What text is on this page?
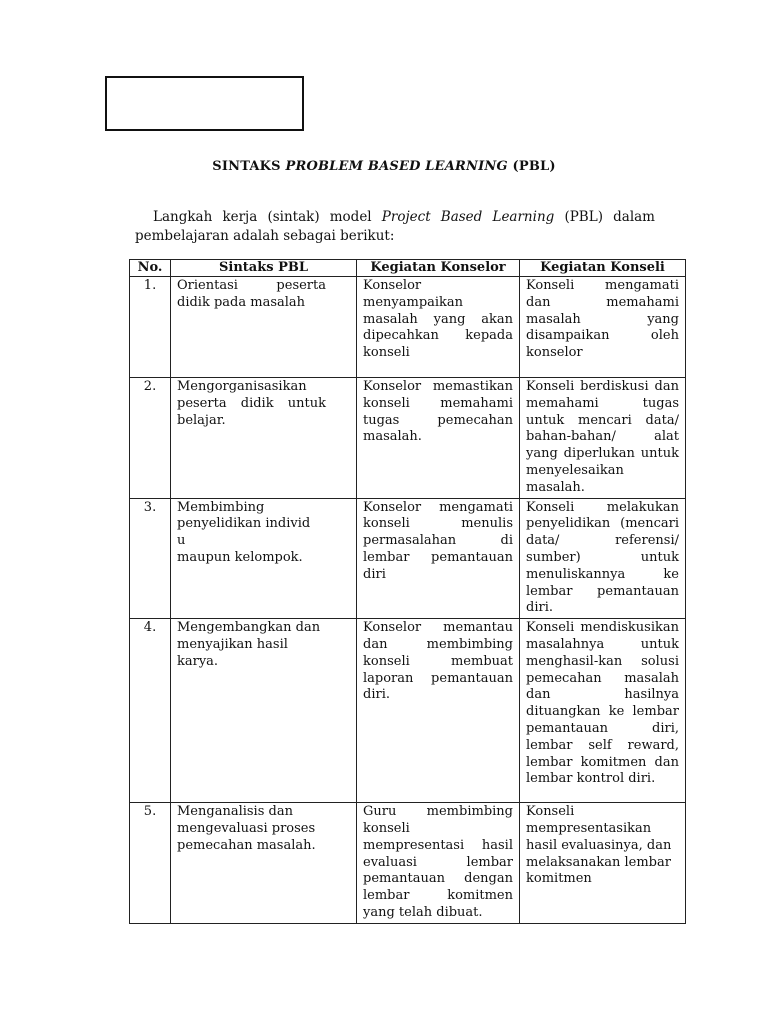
SINTAKS PROBLEM BASED LEARNING (PBL)
Langkah kerja (sintak) model Project Based Learning (PBL) dalam pembelajaran adalah sebagai berikut:
No.	Sintaks PBL	Kegiatan Konselor	Kegiatan Konseli
1.	Orientasi peserta didik pada masalah	Konselor menyampaikan masalah yang akan dipecahkan kepada konseli	Konseli mengamati dan memahami masalah yang disampaikan oleh konselor
2.	Mengorganisasikan peserta didik untuk belajar.	Konselor memastikan konseli memahami tugas pemecahan masalah.	Konseli berdiskusi dan memahami tugas untuk mencari data/ bahan-bahan/ alat yang diperlukan untuk menyelesaikan masalah.
3.	Membimbing
penyelidikan individ
u
maupun kelompok.	Konselor mengamati konseli menulis permasalahan di lembar pemantauan diri	Konseli melakukan penyelidikan (mencari data/ referensi/ sumber) untuk menuliskannya ke lembar pemantauan diri.
4.	Mengembangkan dan
menyajikan hasil
karya.	Konselor memantau dan membimbing konseli membuat laporan pemantauan diri.	Konseli mendiskusikan masalahnya untuk menghasil-kan solusi pemecahan masalah dan hasilnya dituangkan ke lembar pemantauan diri, lembar self reward, lembar komitmen dan lembar kontrol diri.
5.	Menganalisis dan
mengevaluasi proses
pemecahan masalah.	Guru membimbing konseli mempresentasi hasil evaluasi lembar pemantauan dengan lembar komitmen yang telah dibuat.	Konseli mempresentasikan
hasil evaluasinya, dan
melaksanakan lembar
komitmen
